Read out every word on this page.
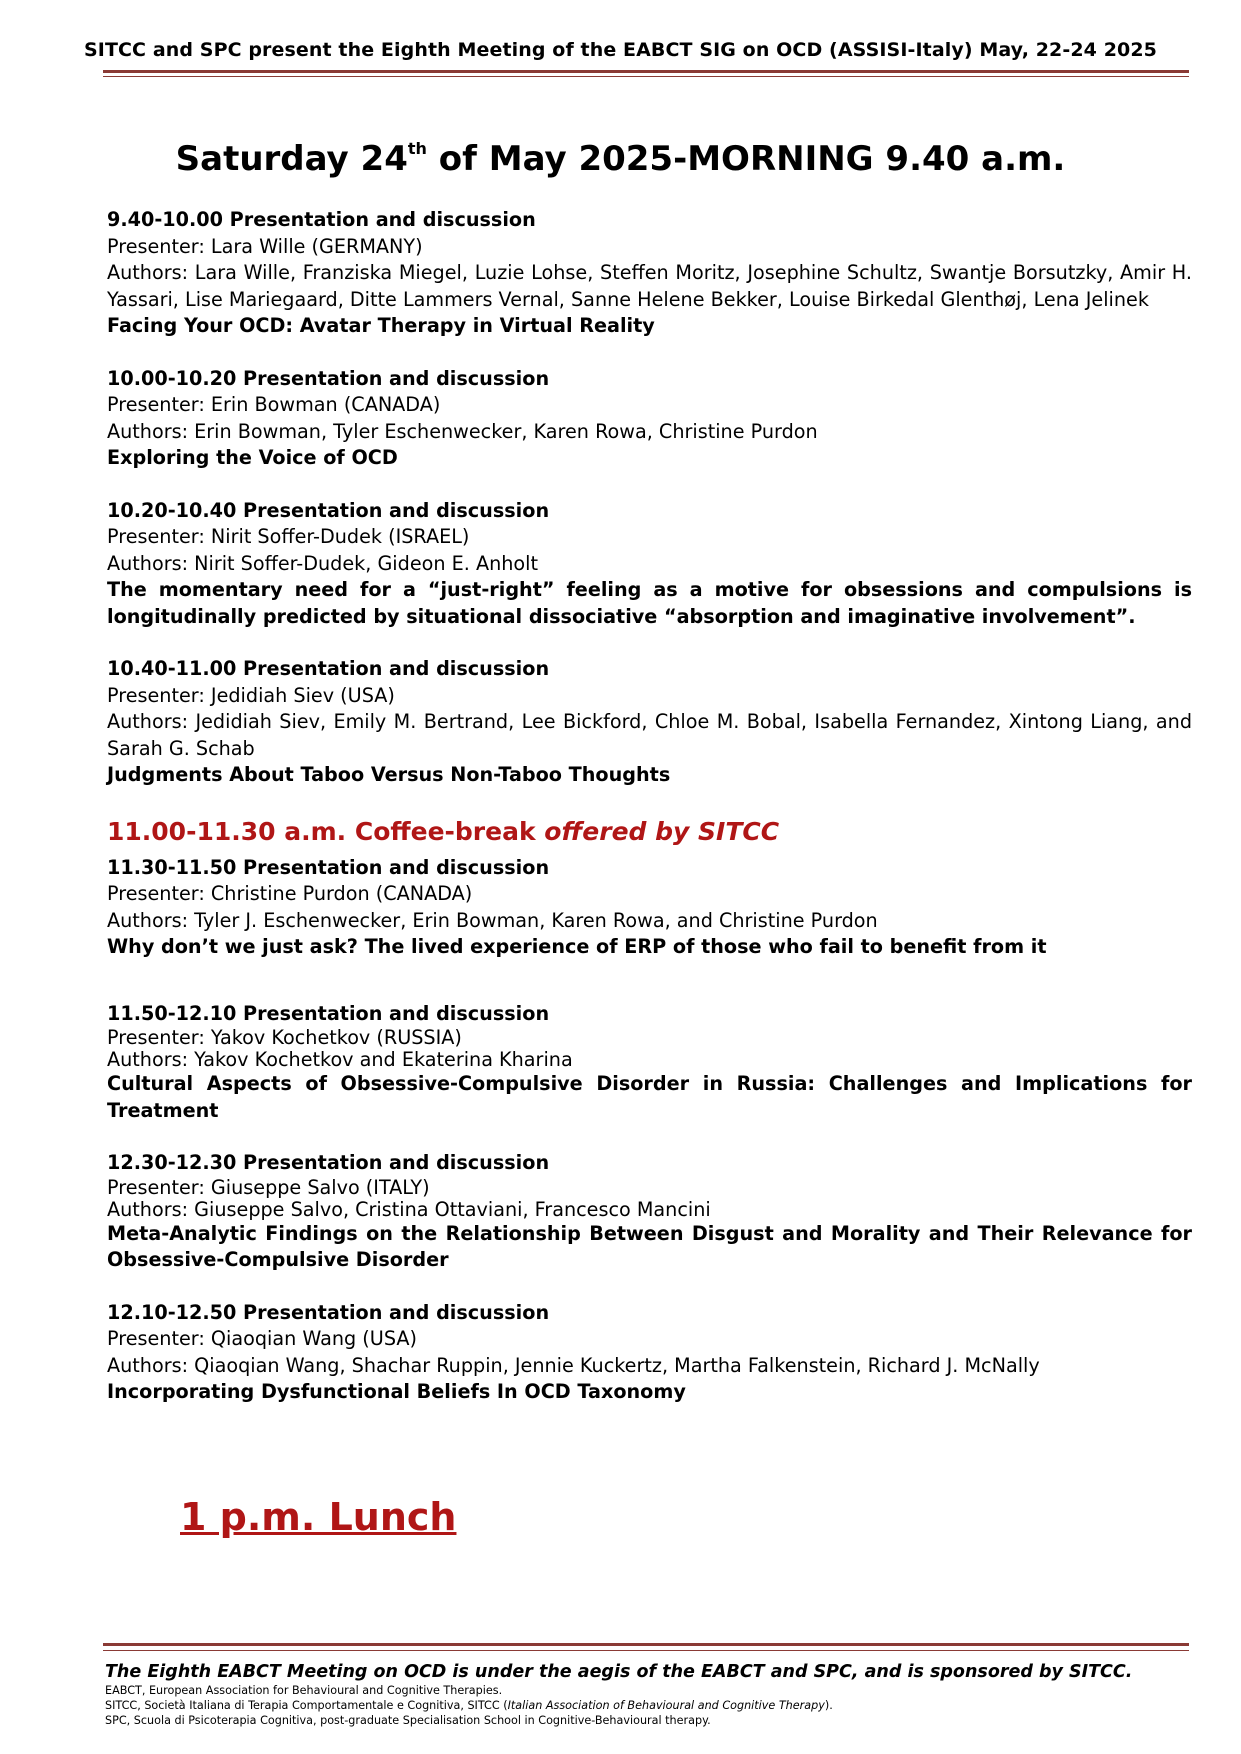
SITCC and SPC present the Eighth Meeting of the EABCT SIG on OCD (ASSISI-Italy) May, 22-24 2025
Saturday 24th of May 2025-MORNING 9.40 a.m.
9.40-10.00 Presentation and discussion
Presenter: Lara Wille (GERMANY)
Authors: Lara Wille, Franziska Miegel, Luzie Lohse, Steffen Moritz, Josephine Schultz, Swantje Borsutzky, Amir H. Yassari, Lise Mariegaard, Ditte Lammers Vernal, Sanne Helene Bekker, Louise Birkedal Glenthøj, Lena Jelinek
Facing Your OCD: Avatar Therapy in Virtual Reality
10.00-10.20 Presentation and discussion
Presenter: Erin Bowman (CANADA)
Authors: Erin Bowman, Tyler Eschenwecker, Karen Rowa, Christine Purdon
Exploring the Voice of OCD
10.20-10.40 Presentation and discussion
Presenter: Nirit Soffer-Dudek (ISRAEL)
Authors: Nirit Soffer-Dudek, Gideon E. Anholt
The momentary need for a “just-right” feeling as a motive for obsessions and compulsions is longitudinally predicted by situational dissociative “absorption and imaginative involvement”.
10.40-11.00 Presentation and discussion
Presenter: Jedidiah Siev (USA)
Authors: Jedidiah Siev, Emily M. Bertrand, Lee Bickford, Chloe M. Bobal, Isabella Fernandez, Xintong Liang, and Sarah G. Schab
Judgments About Taboo Versus Non-Taboo Thoughts
11.00-11.30 a.m. Coffee-break offered by SITCC
11.30-11.50 Presentation and discussion
Presenter: Christine Purdon (CANADA)
Authors: Tyler J. Eschenwecker, Erin Bowman, Karen Rowa, and Christine Purdon
Why don’t we just ask? The lived experience of ERP of those who fail to benefit from it
11.50-12.10 Presentation and discussion
Presenter: Yakov Kochetkov (RUSSIA)
Authors: Yakov Kochetkov and Ekaterina Kharina
Cultural Aspects of Obsessive-Compulsive Disorder in Russia: Challenges and Implications for Treatment
12.30-12.30 Presentation and discussion
Presenter: Giuseppe Salvo (ITALY)
Authors: Giuseppe Salvo, Cristina Ottaviani, Francesco Mancini
Meta-Analytic Findings on the Relationship Between Disgust and Morality and Their Relevance for Obsessive-Compulsive Disorder
12.10-12.50 Presentation and discussion
Presenter: Qiaoqian Wang (USA)
Authors: Qiaoqian Wang, Shachar Ruppin, Jennie Kuckertz, Martha Falkenstein, Richard J. McNally
Incorporating Dysfunctional Beliefs In OCD Taxonomy
1 p.m. Lunch
The Eighth EABCT Meeting on OCD is under the aegis of the EABCT and SPC, and is sponsored by SITCC.
EABCT, European Association for Behavioural and Cognitive Therapies.
SITCC, Società Italiana di Terapia Comportamentale e Cognitiva, SITCC (Italian Association of Behavioural and Cognitive Therapy).
SPC, Scuola di Psicoterapia Cognitiva, post-graduate Specialisation School in Cognitive-Behavioural therapy.
